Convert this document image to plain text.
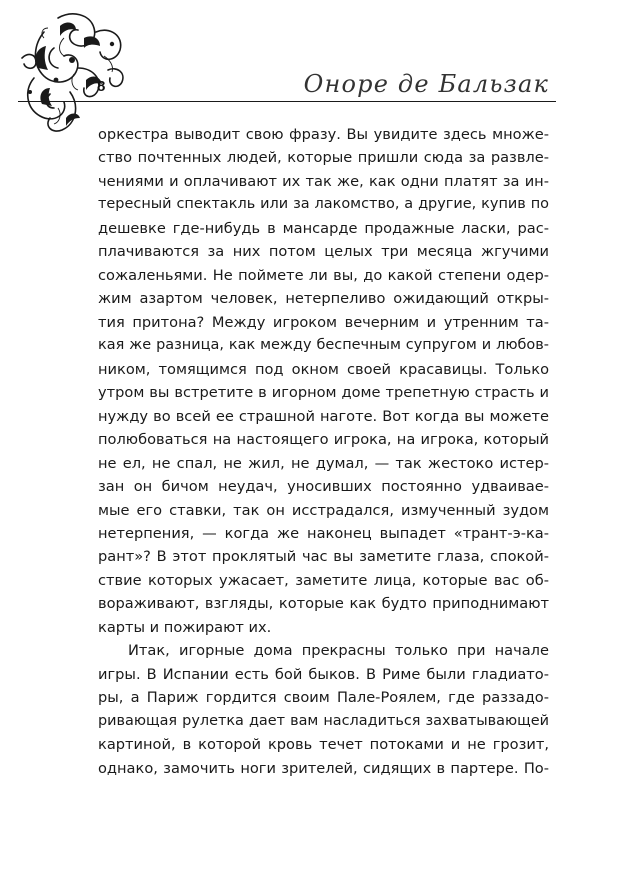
8	Оноре де Бальзак
оркестра выводит свою фразу. Вы увидите здесь множе-
ство почтенных людей, которые пришли сюда за развле-
чениями и оплачивают их так же, как одни платят за ин-
тересный спектакль или за лакомство, а другие, купив по
дешевке где-нибудь в мансарде продажные ласки, рас-
плачиваются за них потом целых три месяца жгучими
сожаленьями. Не поймете ли вы, до какой степени одер-
жим азартом человек, нетерпеливо ожидающий откры-
тия притона? Между игроком вечерним и утренним та-
кая же разница, как между беспечным супругом и любов-
ником, томящимся под окном своей красавицы. Только
утром вы встретите в игорном доме трепетную страсть и
нужду во всей ее страшной наготе. Вот когда вы можете
полюбоваться на настоящего игрока, на игрока, который
не ел, не спал, не жил, не думал, — так жестоко истер-
зан он бичом неудач, уносивших постоянно удваивае-
мые его ставки, так он исстрадался, измученный зудом
нетерпения, — когда же наконец выпадет «трант-э-ка-
рант»? В этот проклятый час вы заметите глаза, спокой-
ствие которых ужасает, заметите лица, которые вас об-
вораживают, взгляды, которые как будто приподнимают
карты и пожирают их.
Итак, игорные дома прекрасны только при начале
игры. В Испании есть бой быков. В Риме были гладиато-
ры, а Париж гордится своим Пале-Роялем, где раззадо-
ривающая рулетка дает вам насладиться захватывающей
картиной, в которой кровь течет потоками и не грозит,
однако, замочить ноги зрителей, сидящих в партере. По-
